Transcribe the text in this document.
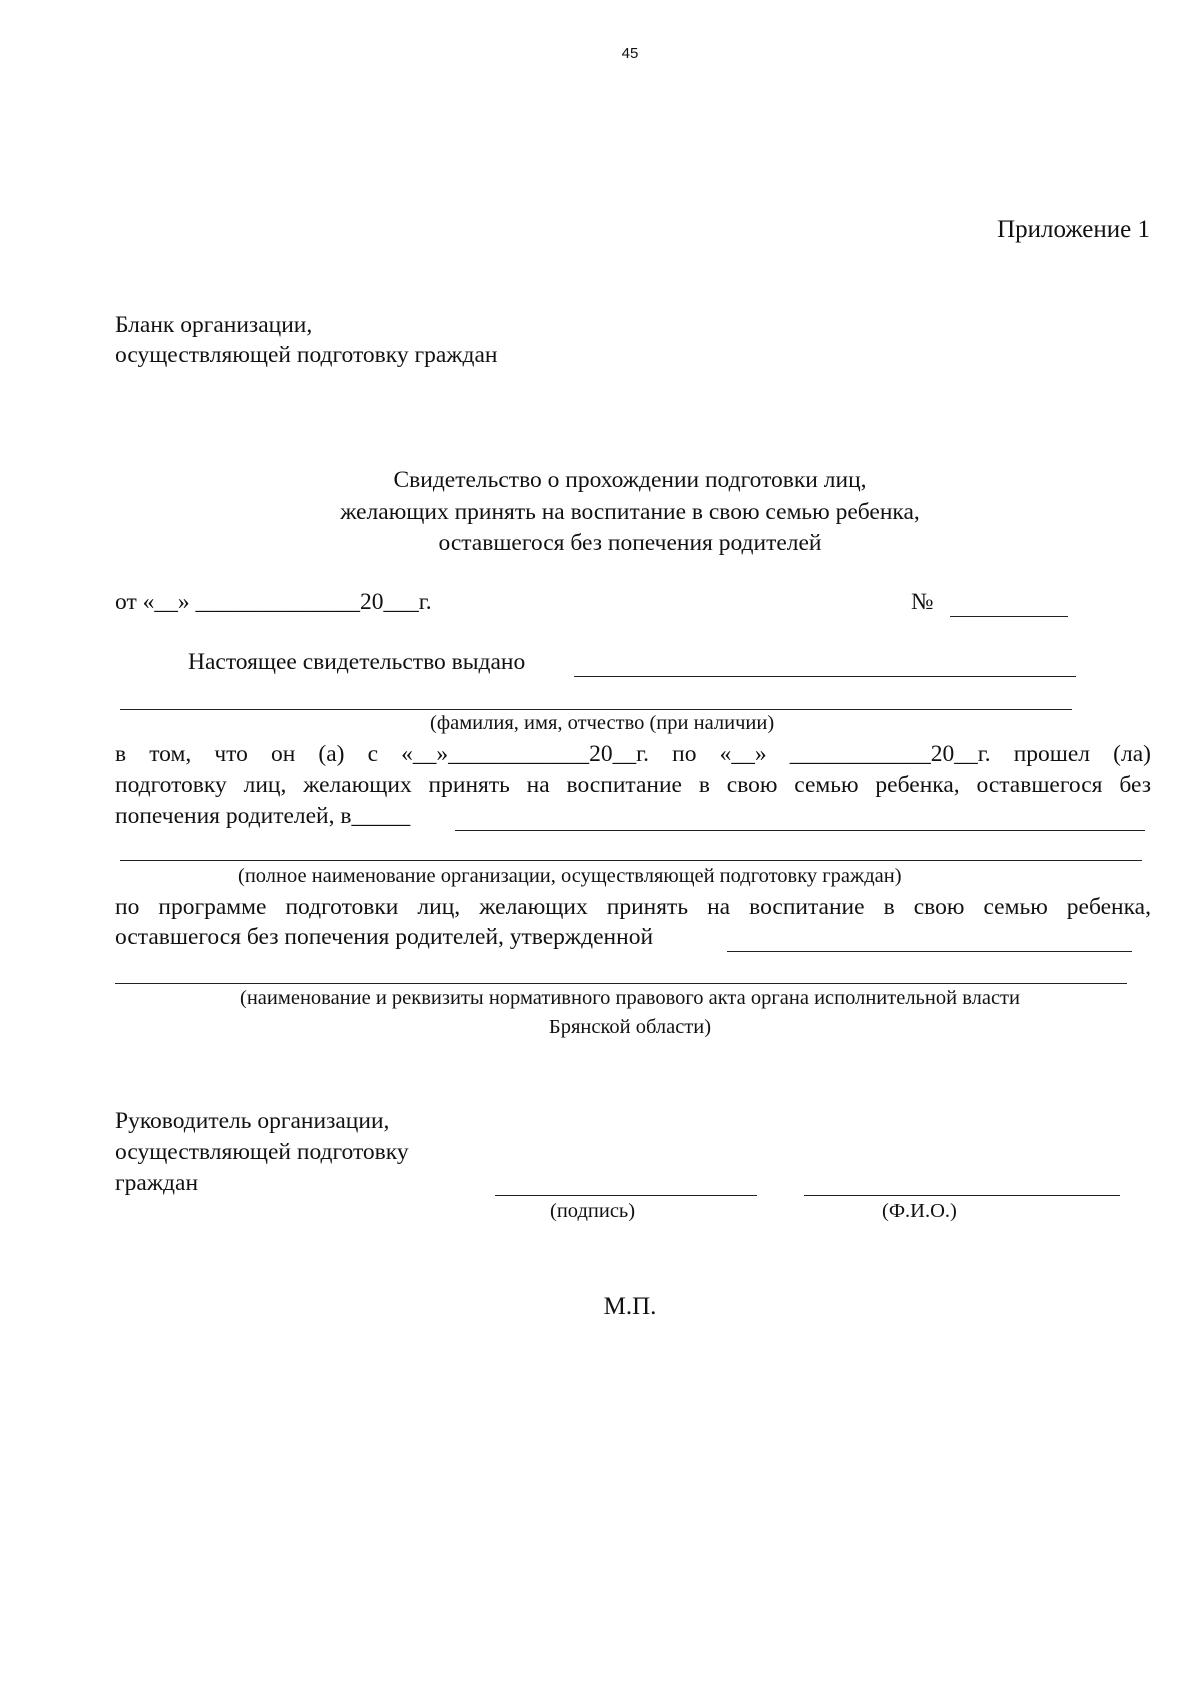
45
Приложение 1
Бланк организации,
осуществляющей подготовку граждан
Свидетельство о прохождении подготовки лиц,
желающих принять на воспитание в свою семью ребенка,
оставшегося без попечения родителей
от «__» ______________20___г.	№
Настоящее свидетельство выдано
(фамилия, имя, отчество (при наличии)
в том, что он (а) с «__»____________20__г. по «__» ____________20__г. прошел (ла)
подготовку лиц, желающих принять на воспитание в свою семью ребенка, оставшегося без
попечения родителей, в_____
(полное наименование организации, осуществляющей подготовку граждан)
по программе подготовки лиц, желающих принять на воспитание в свою семью ребенка,
оставшегося без попечения родителей, утвержденной
(наименование и реквизиты нормативного правового акта органа исполнительной власти
Брянской области)
Руководитель организации,
осуществляющей подготовку
граждан
(подпись)	(Ф.И.О.)
М.П.
